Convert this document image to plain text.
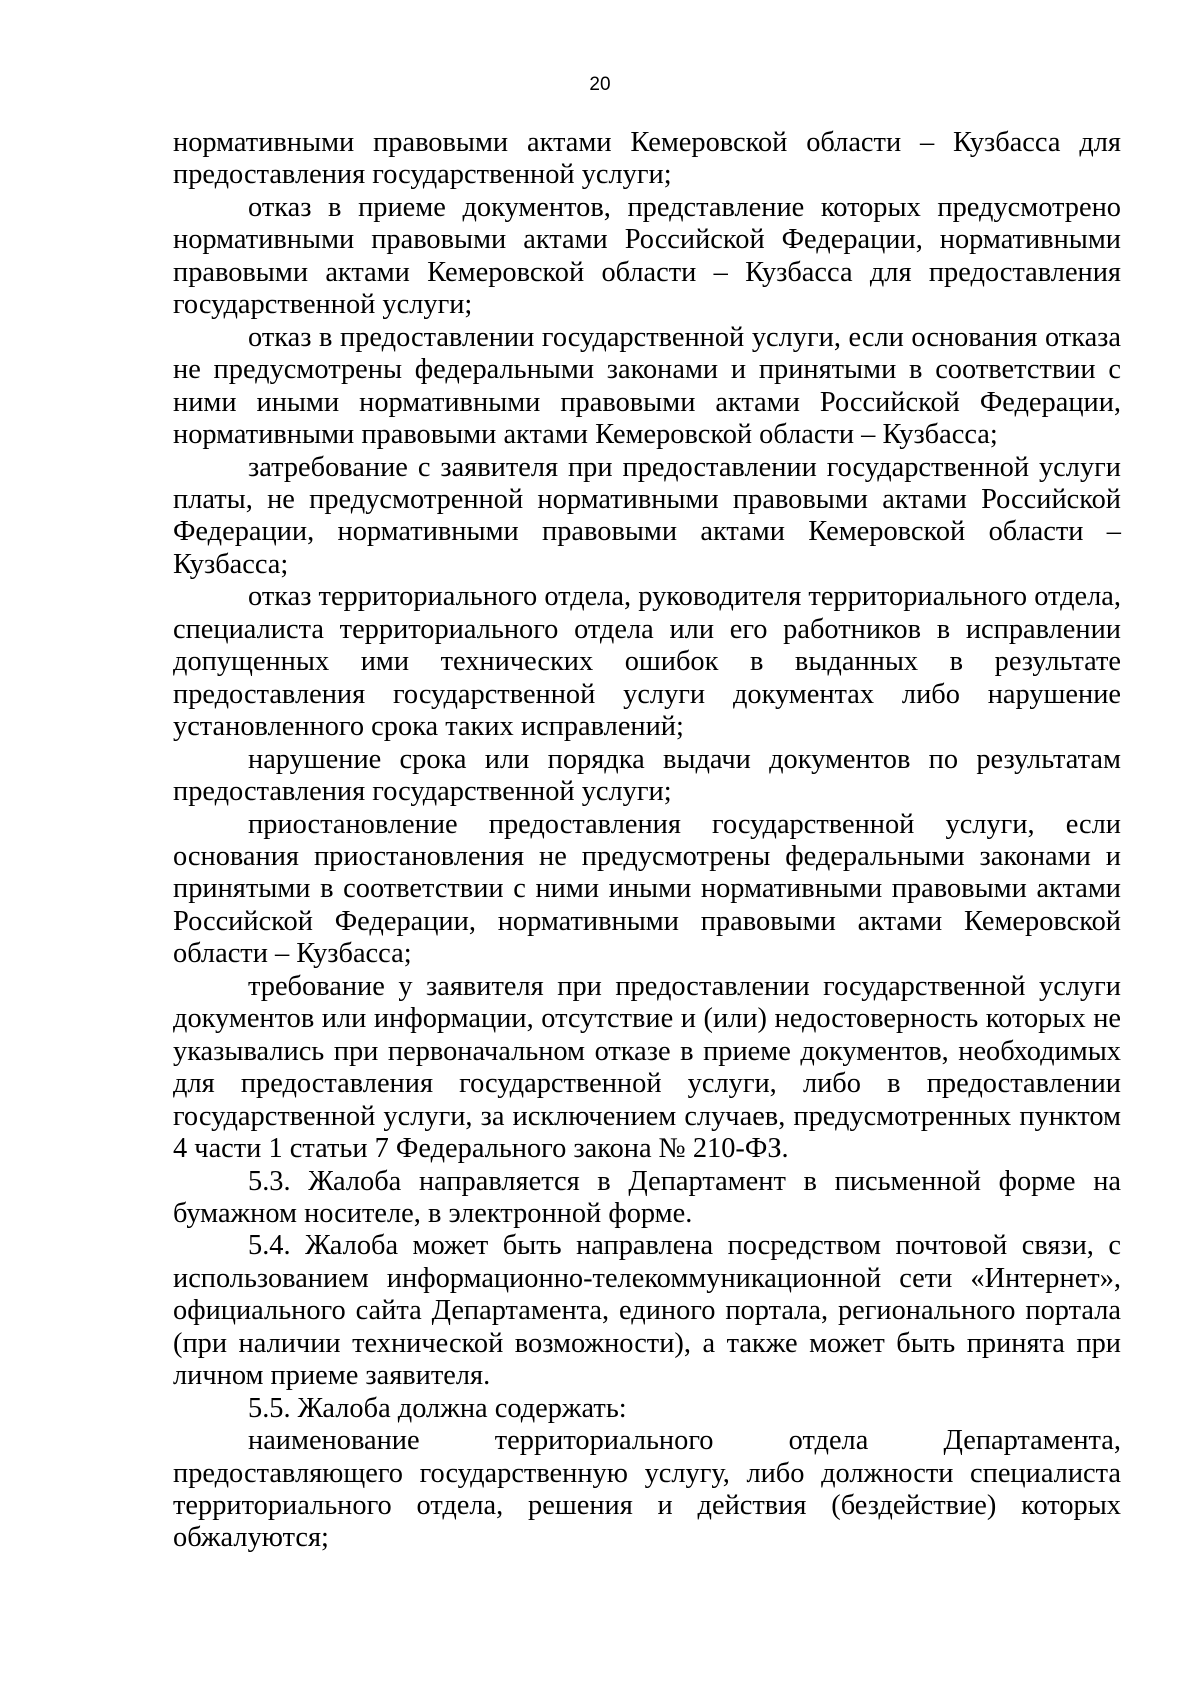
20

нормативными правовыми актами Кемеровской области – Кузбасса для предоставления государственной услуги;

отказ в приеме документов, представление которых предусмотрено нормативными правовыми актами Российской Федерации, нормативными правовыми актами Кемеровской области – Кузбасса для предоставления государственной услуги;

отказ в предоставлении государственной услуги, если основания отказа не предусмотрены федеральными законами и принятыми в соответствии с ними иными нормативными правовыми актами Российской Федерации, нормативными правовыми актами Кемеровской области – Кузбасса;

затребование с заявителя при предоставлении государственной услуги платы, не предусмотренной нормативными правовыми актами Российской Федерации, нормативными правовыми актами Кемеровской области – Кузбасса;

отказ территориального отдела, руководителя территориального отдела, специалиста территориального отдела или его работников в исправлении допущенных ими технических ошибок в выданных в результате предоставления государственной услуги документах либо нарушение установленного срока таких исправлений;

нарушение срока или порядка выдачи документов по результатам предоставления государственной услуги;

приостановление предоставления государственной услуги, если основания приостановления не предусмотрены федеральными законами и принятыми в соответствии с ними иными нормативными правовыми актами Российской Федерации, нормативными правовыми актами Кемеровской области – Кузбасса;

требование у заявителя при предоставлении государственной услуги документов или информации, отсутствие и (или) недостоверность которых не указывались при первоначальном отказе в приеме документов, необходимых для предоставления государственной услуги, либо в предоставлении государственной услуги, за исключением случаев, предусмотренных пунктом 4 части 1 статьи 7 Федерального закона № 210-ФЗ.

5.3. Жалоба направляется в Департамент в письменной форме на бумажном носителе, в электронной форме.

5.4. Жалоба может быть направлена посредством почтовой связи, с использованием информационно-телекоммуникационной сети «Интернет», официального сайта Департамента, единого портала, регионального портала (при наличии технической возможности), а также может быть принята при личном приеме заявителя.

5.5. Жалоба должна содержать:

наименование территориального отдела Департамента, предоставляющего государственную услугу, либо должности специалиста территориального отдела, решения и действия (бездействие) которых обжалуются;
